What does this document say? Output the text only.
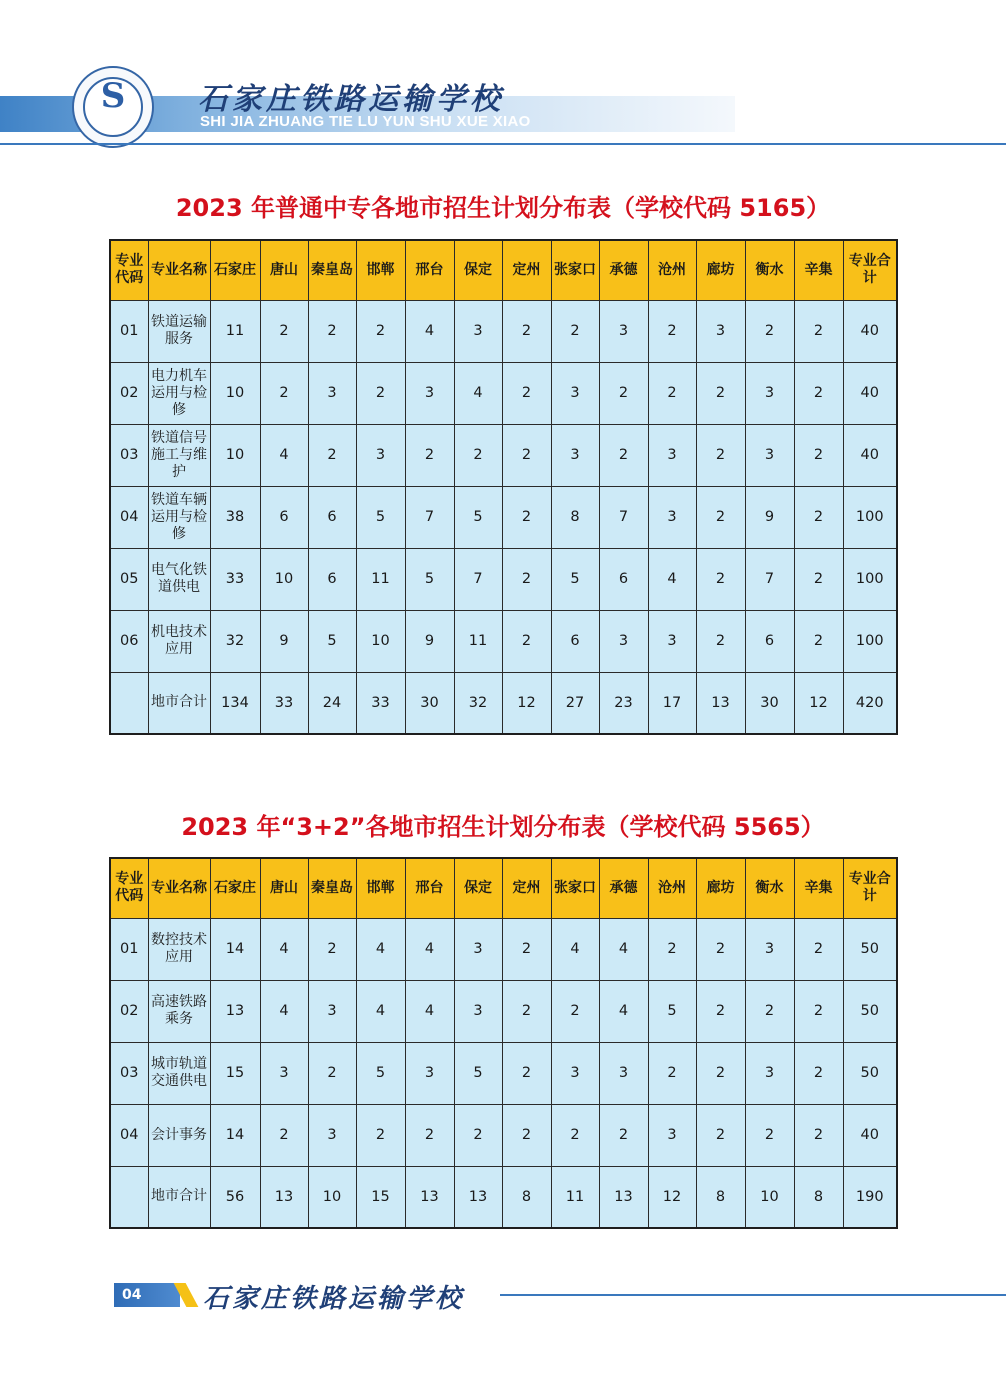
S	石家庄铁路运输学校
SHI JIA ZHUANG TIE LU YUN SHU XUE XIAO
2023 年普通中专各地市招生计划分布表（学校代码 5165）
专业代码	专业名称	石家庄	唐山	秦皇岛	邯郸	邢台	保定	定州	张家口	承德	沧州	廊坊	衡水	辛集	专业合计
01	铁道运输服务	11	2	2	2	4	3	2	2	3	2	3	2	2	40
02	电力机车运用与检修	10	2	3	2	3	4	2	3	2	2	2	3	2	40
03	铁道信号施工与维护	10	4	2	3	2	2	2	3	2	3	2	3	2	40
04	铁道车辆运用与检修	38	6	6	5	7	5	2	8	7	3	2	9	2	100
05	电气化铁道供电	33	10	6	11	5	7	2	5	6	4	2	7	2	100
06	机电技术应用	32	9	5	10	9	11	2	6	3	3	2	6	2	100
	地市合计	134	33	24	33	30	32	12	27	23	17	13	30	12	420
2023 年“3+2”各地市招生计划分布表（学校代码 5565）
专业代码	专业名称	石家庄	唐山	秦皇岛	邯郸	邢台	保定	定州	张家口	承德	沧州	廊坊	衡水	辛集	专业合计
01	数控技术应用	14	4	2	4	4	3	2	4	4	2	2	3	2	50
02	高速铁路乘务	13	4	3	4	4	3	2	2	4	5	2	2	2	50
03	城市轨道交通供电	15	3	2	5	3	5	2	3	3	2	2	3	2	50
04	会计事务	14	2	3	2	2	2	2	2	2	3	2	2	2	40
	地市合计	56	13	10	15	13	13	8	11	13	12	8	10	8	190
04	石家庄铁路运输学校
